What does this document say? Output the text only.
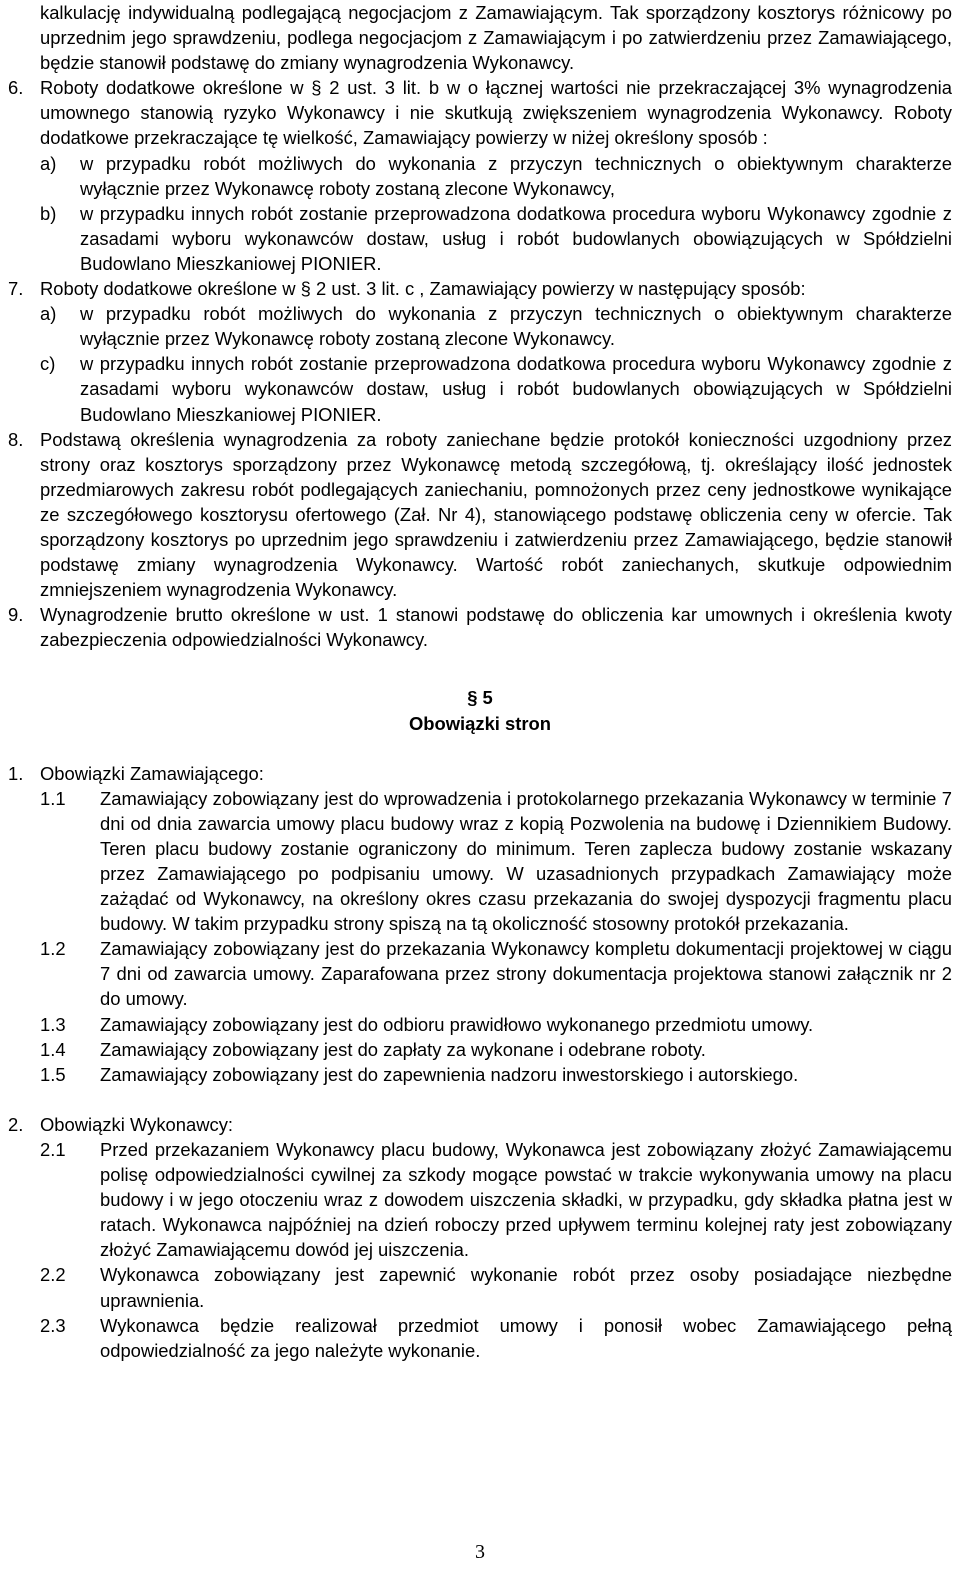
kalkulację indywidualną podlegającą negocjacjom z Zamawiającym. Tak sporządzony kosztorys różnicowy po uprzednim jego sprawdzeniu, podlega negocjacjom z Zamawiającym i po zatwierdzeniu przez Zamawiającego, będzie stanowił podstawę do zmiany wynagrodzenia Wykonawcy.
6. Roboty dodatkowe określone w § 2 ust. 3 lit. b w o łącznej wartości nie przekraczającej 3% wynagrodzenia umownego stanowią ryzyko Wykonawcy i nie skutkują zwiększeniem wynagrodzenia Wykonawcy. Roboty dodatkowe przekraczające tę wielkość, Zamawiający powierzy w niżej określony sposób :
a) w przypadku robót możliwych do wykonania z przyczyn technicznych o obiektywnym charakterze wyłącznie przez Wykonawcę roboty zostaną zlecone Wykonawcy,
b) w przypadku innych robót zostanie przeprowadzona dodatkowa procedura wyboru Wykonawcy zgodnie z zasadami wyboru wykonawców dostaw, usług i robót budowlanych obowiązujących w Spółdzielni Budowlano Mieszkaniowej PIONIER.
7. Roboty dodatkowe określone w § 2 ust. 3 lit. c , Zamawiający powierzy w następujący sposób:
a) w przypadku robót możliwych do wykonania z przyczyn technicznych o obiektywnym charakterze wyłącznie przez Wykonawcę roboty zostaną zlecone Wykonawcy.
c) w przypadku innych robót zostanie przeprowadzona dodatkowa procedura wyboru Wykonawcy zgodnie z zasadami wyboru wykonawców dostaw, usług i robót budowlanych obowiązujących w Spółdzielni Budowlano Mieszkaniowej PIONIER.
8. Podstawą określenia wynagrodzenia za roboty zaniechane będzie protokół konieczności uzgodniony przez strony oraz kosztorys sporządzony przez Wykonawcę metodą szczegółową, tj. określający ilość jednostek przedmiarowych zakresu robót podlegających zaniechaniu, pomnożonych przez ceny jednostkowe wynikające ze szczegółowego kosztorysu ofertowego (Zał. Nr 4), stanowiącego podstawę obliczenia ceny w ofercie. Tak sporządzony kosztorys po uprzednim jego sprawdzeniu i zatwierdzeniu przez Zamawiającego, będzie stanowił podstawę zmiany wynagrodzenia Wykonawcy. Wartość robót zaniechanych, skutkuje odpowiednim zmniejszeniem wynagrodzenia Wykonawcy.
9. Wynagrodzenie brutto określone w ust. 1 stanowi podstawę do obliczenia kar umownych i określenia kwoty zabezpieczenia odpowiedzialności Wykonawcy.
§ 5
Obowiązki stron
1. Obowiązki Zamawiającego:
1.1 Zamawiający zobowiązany jest do wprowadzenia i protokolarnego przekazania Wykonawcy w terminie 7 dni od dnia zawarcia umowy placu budowy wraz z kopią Pozwolenia na budowę i Dziennikiem Budowy. Teren placu budowy zostanie ograniczony do minimum. Teren zaplecza budowy zostanie wskazany przez Zamawiającego po podpisaniu umowy. W uzasadnionych przypadkach Zamawiający może zażądać od Wykonawcy, na określony okres czasu przekazania do swojej dyspozycji fragmentu placu budowy. W takim przypadku strony spiszą na tą okoliczność stosowny protokół przekazania.
1.2 Zamawiający zobowiązany jest do przekazania Wykonawcy kompletu dokumentacji projektowej w ciągu 7 dni od zawarcia umowy. Zaparafowana przez strony dokumentacja projektowa stanowi załącznik nr 2 do umowy.
1.3 Zamawiający zobowiązany jest do odbioru prawidłowo wykonanego przedmiotu umowy.
1.4 Zamawiający zobowiązany jest do zapłaty za wykonane i odebrane roboty.
1.5 Zamawiający zobowiązany jest do zapewnienia nadzoru inwestorskiego i autorskiego.
2. Obowiązki Wykonawcy:
2.1 Przed przekazaniem Wykonawcy placu budowy, Wykonawca jest zobowiązany złożyć Zamawiającemu polisę odpowiedzialności cywilnej za szkody mogące powstać w trakcie wykonywania umowy na placu budowy i w jego otoczeniu wraz z dowodem uiszczenia składki, w przypadku, gdy składka płatna jest w ratach. Wykonawca najpóźniej na dzień roboczy przed upływem terminu kolejnej raty jest zobowiązany złożyć Zamawiającemu dowód jej uiszczenia.
2.2 Wykonawca zobowiązany jest zapewnić wykonanie robót przez osoby posiadające niezbędne uprawnienia.
2.3 Wykonawca będzie realizował przedmiot umowy i ponosił wobec Zamawiającego pełną odpowiedzialność za jego należyte wykonanie.
3
